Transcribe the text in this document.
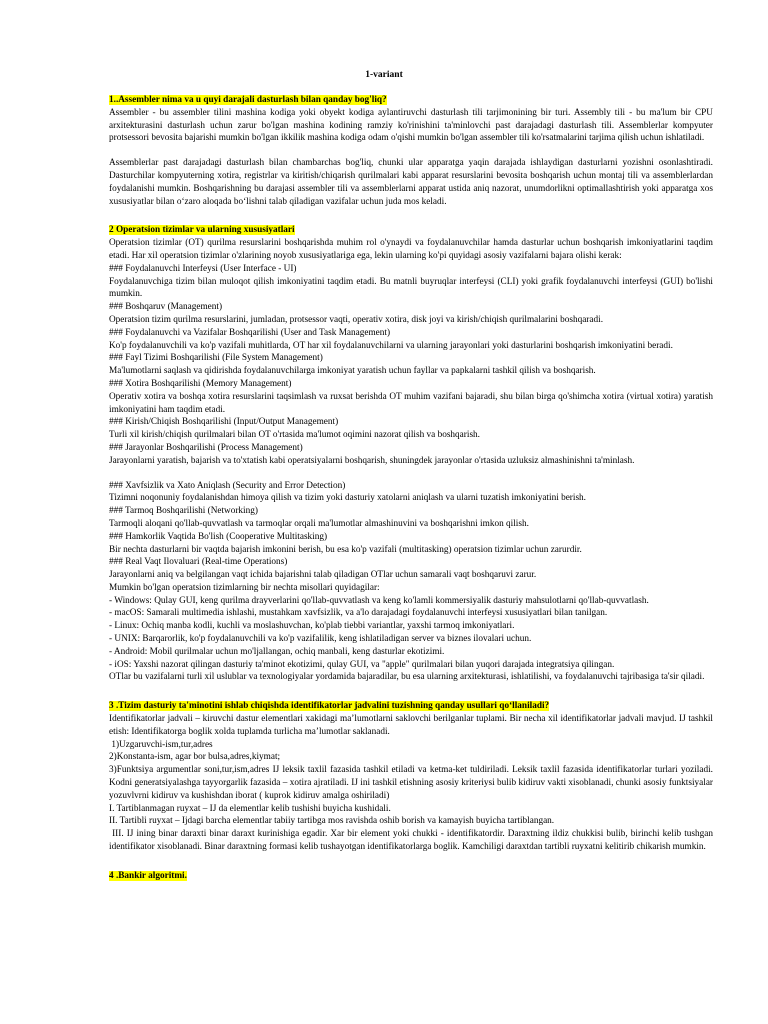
1-variant

1..Assembler nima va u quyi darajali dasturlash bilan qanday bog'liq?

Assembler - bu assembler tilini mashina kodiga yoki obyekt kodiga aylantiruvchi dasturlash tili tarjimonining bir turi. Assembly tili - bu ma'lum bir CPU arxitekturasini dasturlash uchun zarur bo'lgan mashina kodining ramziy ko'rinishini ta'minlovchi past darajadagi dasturlash tili. Assemblerlar kompyuter protsessori bevosita bajarishi mumkin bo'lgan ikkilik mashina kodiga odam o'qishi mumkin bo'lgan assembler tili ko'rsatmalarini tarjima qilish uchun ishlatiladi.

Assemblerlar past darajadagi dasturlash bilan chambarchas bog'liq, chunki ular apparatga yaqin darajada ishlaydigan dasturlarni yozishni osonlashtiradi. Dasturchilar kompyuterning xotira, registrlar va kiritish/chiqarish qurilmalari kabi apparat resurslarini bevosita boshqarish uchun montaj tili va assemblerlardan foydalanishi mumkin. Boshqarishning bu darajasi assembler tili va assemblerlarni apparat ustida aniq nazorat, unumdorlikni optimallashtirish yoki apparatga xos xususiyatlar bilan o‘zaro aloqada bo‘lishni talab qiladigan vazifalar uchun juda mos keladi.

2 Operatsion tizimlar va ularning xususiyatlari

Operatsion tizimlar (OT) qurilma resurslarini boshqarishda muhim rol o'ynaydi va foydalanuvchilar hamda dasturlar uchun boshqarish imkoniyatlarini taqdim etadi. Har xil operatsion tizimlar o'zlarining noyob xususiyatlariga ega, lekin ularning ko'pi quyidagi asosiy vazifalarni bajara olishi kerak:

### Foydalanuvchi Interfeysi (User Interface - UI)

Foydalanuvchiga tizim bilan muloqot qilish imkoniyatini taqdim etadi. Bu matnli buyruqlar interfeysi (CLI) yoki grafik foydalanuvchi interfeysi (GUI) bo'lishi mumkin.

### Boshqaruv (Management)

Operatsion tizim qurilma resurslarini, jumladan, protsessor vaqti, operativ xotira, disk joyi va kirish/chiqish qurilmalarini boshqaradi.

### Foydalanuvchi va Vazifalar Boshqarilishi (User and Task Management)

Ko'p foydalanuvchili va ko'p vazifali muhitlarda, OT har xil foydalanuvchilarni va ularning jarayonlari yoki dasturlarini boshqarish imkoniyatini beradi.

### Fayl Tizimi Boshqarilishi (File System Management)

Ma'lumotlarni saqlash va qidirishda foydalanuvchilarga imkoniyat yaratish uchun fayllar va papkalarni tashkil qilish va boshqarish.

### Xotira Boshqarilishi (Memory Management)

Operativ xotira va boshqa xotira resurslarini taqsimlash va ruxsat berishda OT muhim vazifani bajaradi, shu bilan birga qo'shimcha xotira (virtual xotira) yaratish imkoniyatini ham taqdim etadi.

### Kirish/Chiqish Boshqarilishi (Input/Output Management)

Turli xil kirish/chiqish qurilmalari bilan OT o'rtasida ma'lumot oqimini nazorat qilish va boshqarish.

### Jarayonlar Boshqarilishi (Process Management)

Jarayonlarni yaratish, bajarish va to'xtatish kabi operatsiyalarni boshqarish, shuningdek jarayonlar o'rtasida uzluksiz almashinishni ta'minlash.

### Xavfsizlik va Xato Aniqlash (Security and Error Detection)

Tizimni noqonuniy foydalanishdan himoya qilish va tizim yoki dasturiy xatolarni aniqlash va ularni tuzatish imkoniyatini berish.

### Tarmoq Boshqarilishi (Networking)

Tarmoqli aloqani qo'llab-quvvatlash va tarmoqlar orqali ma'lumotlar almashinuvini va boshqarishni imkon qilish.

### Hamkorlik Vaqtida Bo'lish (Cooperative Multitasking)

Bir nechta dasturlarni bir vaqtda bajarish imkonini berish, bu esa ko'p vazifali (multitasking) operatsion tizimlar uchun zarurdir.

### Real Vaqt Ilovaluari (Real-time Operations)

Jarayonlarni aniq va belgilangan vaqt ichida bajarishni talab qiladigan OTlar uchun samarali vaqt boshqaruvi zarur.

Mumkin bo'lgan operatsion tizimlarning bir nechta misollari quyidagilar:

- Windows: Qulay GUI, keng qurilma drayverlarini qo'llab-quvvatlash va keng ko'lamli kommersiyalik dasturiy mahsulotlarni qo'llab-quvvatlash.

- macOS: Samarali multimedia ishlashi, mustahkam xavfsizlik, va a'lo darajadagi foydalanuvchi interfeysi xususiyatlari bilan tanilgan.

- Linux: Ochiq manba kodli, kuchli va moslashuvchan, ko'plab tiebbi variantlar, yaxshi tarmoq imkoniyatlari.

- UNIX: Barqarorlik, ko'p foydalanuvchili va ko'p vazifalilik, keng ishlatiladigan server va biznes ilovalari uchun.

- Android: Mobil qurilmalar uchun mo'ljallangan, ochiq manbali, keng dasturlar ekotizimi.

- iOS: Yaxshi nazorat qilingan dasturiy ta'minot ekotizimi, qulay GUI, va "apple" qurilmalari bilan yuqori darajada integratsiya qilingan.

OTlar bu vazifalarni turli xil uslublar va texnologiyalar yordamida bajaradilar, bu esa ularning arxitekturasi, ishlatilishi, va foydalanuvchi tajribasiga ta'sir qiladi.

3 .Tizim dasturiy ta'minotini ishlab chiqishda identifikatorlar jadvalini tuzishning qanday usullari qo‘llaniladi?

Identifikatorlar jadvali – kiruvchi dastur elementlari xakidagi ma’lumotlarni saklovchi berilganlar tuplami. Bir necha xil identifikatorlar jadvali mavjud. IJ tashkil etish: Identifikatorga boglik xolda tuplamda turlicha ma’lumotlar saklanadi.

1)Uzgaruvchi-ism,tur,adres

2)Konstanta-ism, agar bor bulsa,adres,kiymat;

3)Funktsiya argumentlar soni,tur,ism,adres IJ leksik taxlil fazasida tashkil etiladi va ketma-ket tuldiriladi. Leksik taxlil fazasida identifikatorlar turlari yoziladi. Kodni generatsiyalashga tayyorgarlik fazasida – xotira ajratiladi. IJ ini tashkil etishning asosiy kriteriysi bulib kidiruv vakti xisoblanadi, chunki asosiy funktsiyalar yozuvlvrni kidiruv va kushishdan iborat ( kuprok kidiruv amalga oshiriladi)

I. Tartiblanmagan ruyxat – IJ da elementlar kelib tushishi buyicha kushidali.

II. Tartibli ruyxat – Ijdagi barcha elementlar tabiiy tartibga mos ravishda oshib borish va kamayish buyicha tartiblangan.

III. IJ ining binar daraxti binar daraxt kurinishiga egadir. Xar bir element yoki chukki - identifikatordir. Daraxtning ildiz chukkisi bulib, birinchi kelib tushgan identifikator xisoblanadi. Binar daraxtning formasi kelib tushayotgan identifikatorlarga boglik. Kamchiligi daraxtdan tartibli ruyxatni kelitirib chikarish mumkin.

4 .Bankir algoritmi.
